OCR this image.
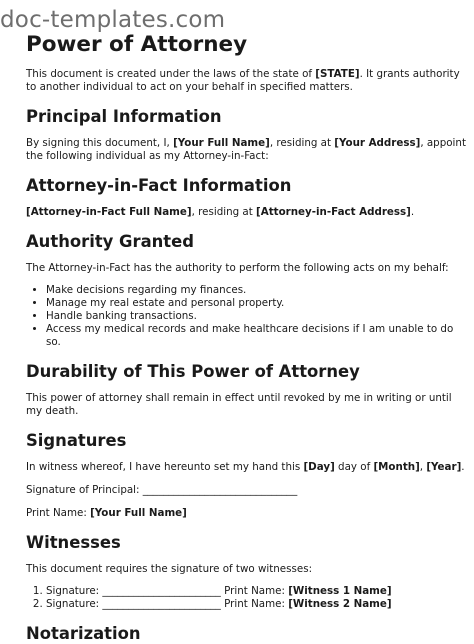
doc-templates.com
Power of Attorney

This document is created under the laws of the state of [STATE]. It grants authority to another individual to act on your behalf in specified matters.

Principal Information

By signing this document, I, [Your Full Name], residing at [Your Address], appoint the following individual as my Attorney-in-Fact:

Attorney-in-Fact Information

[Attorney-in-Fact Full Name], residing at [Attorney-in-Fact Address].

Authority Granted

The Attorney-in-Fact has the authority to perform the following acts on my behalf:

• Make decisions regarding my finances.
• Manage my real estate and personal property.
• Handle banking transactions.
• Access my medical records and make healthcare decisions if I am unable to do so.
Durability of This Power of Attorney

This power of attorney shall remain in effect until revoked by me in writing or until my death.

Signatures

In witness whereof, I have hereunto set my hand this [Day] day of [Month], [Year].

Signature of Principal: ______________________________

Print Name: [Your Full Name]

Witnesses

This document requires the signature of two witnesses:

1. Signature: _______________________ Print Name: [Witness 1 Name]
2. Signature: _______________________ Print Name: [Witness 2 Name]
Notarization
